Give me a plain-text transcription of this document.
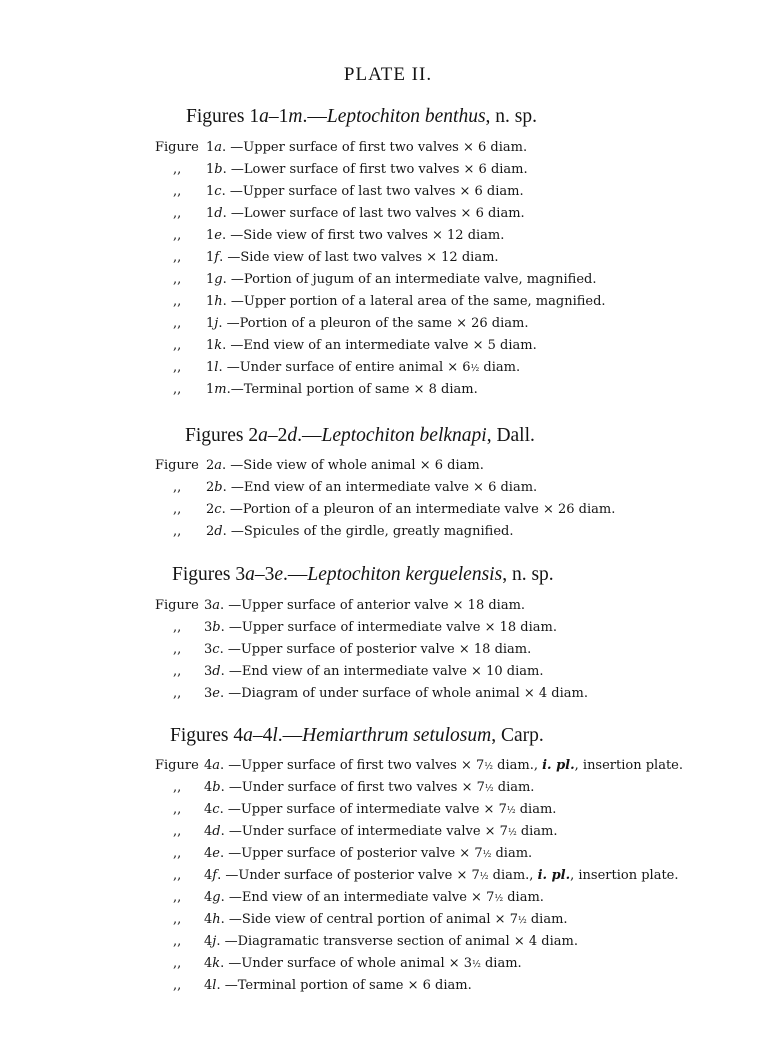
PLATE II.
Figures 1a–1m.—Leptochiton benthus, n. sp.
Figure 1a. —Upper surface of first two valves × 6 diam.
,, 1b. —Lower surface of first two valves × 6 diam.
,, 1c. —Upper surface of last two valves × 6 diam.
,, 1d. —Lower surface of last two valves × 6 diam.
,, 1e. —Side view of first two valves × 12 diam.
,, 1f. —Side view of last two valves × 12 diam.
,, 1g. —Portion of jugum of an intermediate valve, magnified.
,, 1h. —Upper portion of a lateral area of the same, magnified.
,, 1j. —Portion of a pleuron of the same × 26 diam.
,, 1k. —End view of an intermediate valve × 5 diam.
,, 1l. —Under surface of entire animal × 6½ diam.
,, 1m.—Terminal portion of same × 8 diam.
Figures 2a–2d.—Leptochiton belknapi, Dall.
Figure 2a. —Side view of whole animal × 6 diam.
,, 2b. —End view of an intermediate valve × 6 diam.
,, 2c. —Portion of a pleuron of an intermediate valve × 26 diam.
,, 2d. —Spicules of the girdle, greatly magnified.
Figures 3a–3e.—Leptochiton kerguelensis, n. sp.
Figure 3a. —Upper surface of anterior valve × 18 diam.
,, 3b. —Upper surface of intermediate valve × 18 diam.
,, 3c. —Upper surface of posterior valve × 18 diam.
,, 3d. —End view of an intermediate valve × 10 diam.
,, 3e. —Diagram of under surface of whole animal × 4 diam.
Figures 4a–4l.—Hemiarthrum setulosum, Carp.
Figure 4a. —Upper surface of first two valves × 7½ diam., i. pl., insertion plate.
,, 4b. —Under surface of first two valves × 7½ diam.
,, 4c. —Upper surface of intermediate valve × 7½ diam.
,, 4d. —Under surface of intermediate valve × 7½ diam.
,, 4e. —Upper surface of posterior valve × 7½ diam.
,, 4f. —Under surface of posterior valve × 7½ diam., i. pl., insertion plate.
,, 4g. —End view of an intermediate valve × 7½ diam.
,, 4h. —Side view of central portion of animal × 7½ diam.
,, 4j. —Diagramatic transverse section of animal × 4 diam.
,, 4k. —Under surface of whole animal × 3½ diam.
,, 4l. —Terminal portion of same × 6 diam.
